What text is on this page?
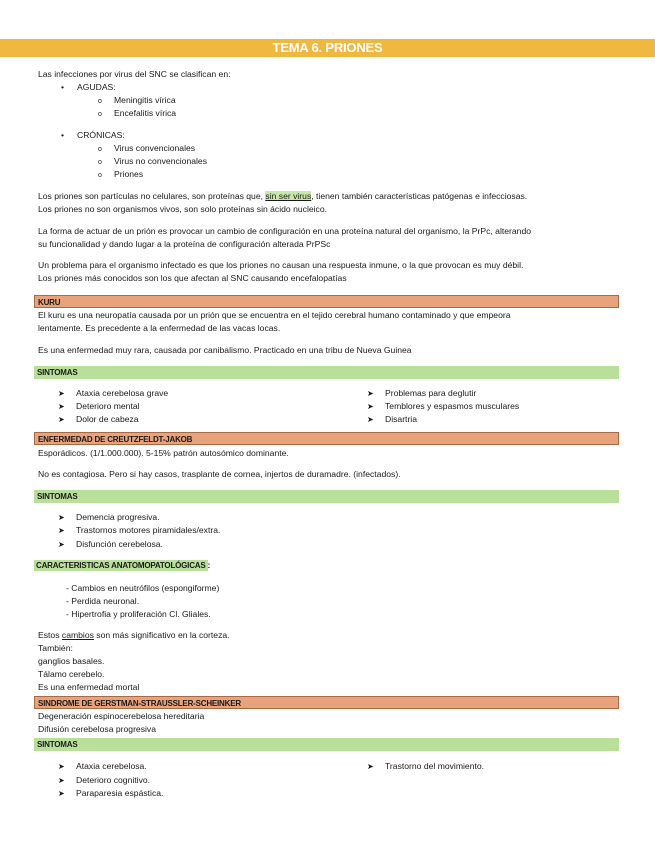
TEMA 6. PRIONES
Las infecciones por virus del SNC se clasifican en:
• AGUDAS:
o Meningitis vírica
o Encefalitis vírica
• CRÓNICAS:
o Virus convencionales
o Virus no convencionales
o Priones
Los priones son partículas no celulares, son proteínas que, sin ser virus, tienen también características patógenas e infecciosas.
Los priones no son organismos vivos, son solo proteínas sin ácido nucleico.
La forma de actuar de un prión es provocar un cambio de configuración en una proteína natural del organismo, la PrPc, alterando
su funcionalidad y dando lugar a la proteína de configuración alterada PrPSc
Un problema para el organismo infectado es que los priones no causan una respuesta inmune, o la que provocan es muy débil.
Los priones más conocidos son los que afectan al SNC causando encefalopatías
KURU
El kuru es una neuropatía causada por un prión que se encuentra en el tejido cerebral humano contaminado y que empeora
lentamente. Es precedente a la enfermedad de las vacas locas.
Es una enfermedad muy rara, causada por canibalismo. Practicado en una tribu de Nueva Guinea
SINTOMAS
➤ Ataxia cerebelosa grave
➤ Deterioro mental
➤ Dolor de cabeza
➤ Problemas para deglutir
➤ Temblores y espasmos musculares
➤ Disartria
ENFERMEDAD DE CREUTZFELDT-JAKOB
Esporádicos. (1/1.000.000). 5-15% patrón autosómico dominante.
No es contagiosa. Pero si hay casos, trasplante de cornea, injertos de duramadre. (infectados).
SINTOMAS
➤ Demencia progresiva.
➤ Trastornos motores piramidales/extra.
➤ Disfunción cerebelosa.
CARACTERISTICAS ANATOMOPATOLÓGICAS :
- Cambios en neutrófilos (espongiforme)
- Perdida neuronal.
- Hipertrofia y proliferación Cl. Gliales.
Estos cambios son más significativo en la corteza.
También:
ganglios basales.
Tálamo cerebelo.
Es una enfermedad mortal
SINDROME DE GERSTMAN-STRAUSSLER-SCHEINKER
Degeneración espinocerebelosa hereditaria
Difusión cerebelosa progresiva
SINTOMAS
➤ Ataxia cerebelosa.
➤ Deterioro cognitivo.
➤ Paraparesia espástica.
➤ Trastorno del movimiento.
